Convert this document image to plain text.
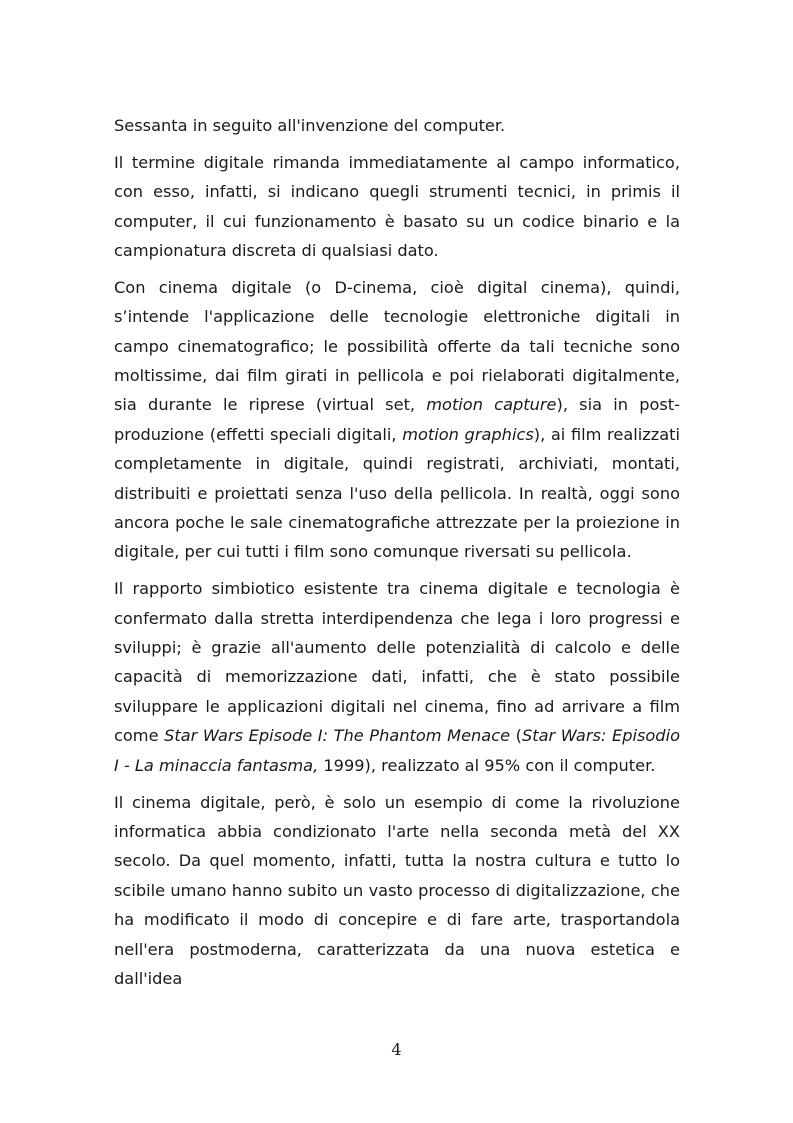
Sessanta in seguito all'invenzione del computer.

Il termine digitale rimanda immediatamente al campo informatico, con esso, infatti, si indicano quegli strumenti tecnici, in primis il computer, il cui funzionamento è basato su un codice binario e la campionatura discreta di qualsiasi dato.

Con cinema digitale (o D-cinema, cioè digital cinema), quindi, s’intende l'applicazione delle tecnologie elettroniche digitali in campo cinematografico; le possibilità offerte da tali tecniche sono moltissime, dai film girati in pellicola e poi rielaborati digitalmente, sia durante le riprese (virtual set, motion capture), sia in post-produzione (effetti speciali digitali, motion graphics), ai film realizzati completamente in digitale, quindi registrati, archiviati, montati, distribuiti e proiettati senza l'uso della pellicola. In realtà, oggi sono ancora poche le sale cinematografiche attrezzate per la proiezione in digitale, per cui tutti i film sono comunque riversati su pellicola.

Il rapporto simbiotico esistente tra cinema digitale e tecnologia è confermato dalla stretta interdipendenza che lega i loro progressi e sviluppi; è grazie all'aumento delle potenzialità di calcolo e delle capacità di memorizzazione dati, infatti, che è stato possibile sviluppare le applicazioni digitali nel cinema, fino ad arrivare a film come Star Wars Episode I: The Phantom Menace (Star Wars: Episodio I - La minaccia fantasma, 1999), realizzato al 95% con il computer.

Il cinema digitale, però, è solo un esempio di come la rivoluzione informatica abbia condizionato l'arte nella seconda metà del XX secolo. Da quel momento, infatti, tutta la nostra cultura e tutto lo scibile umano hanno subito un vasto processo di digitalizzazione, che ha modificato il modo di concepire e di fare arte, trasportandola nell'era postmoderna, caratterizzata da una nuova estetica e dall'idea

4
